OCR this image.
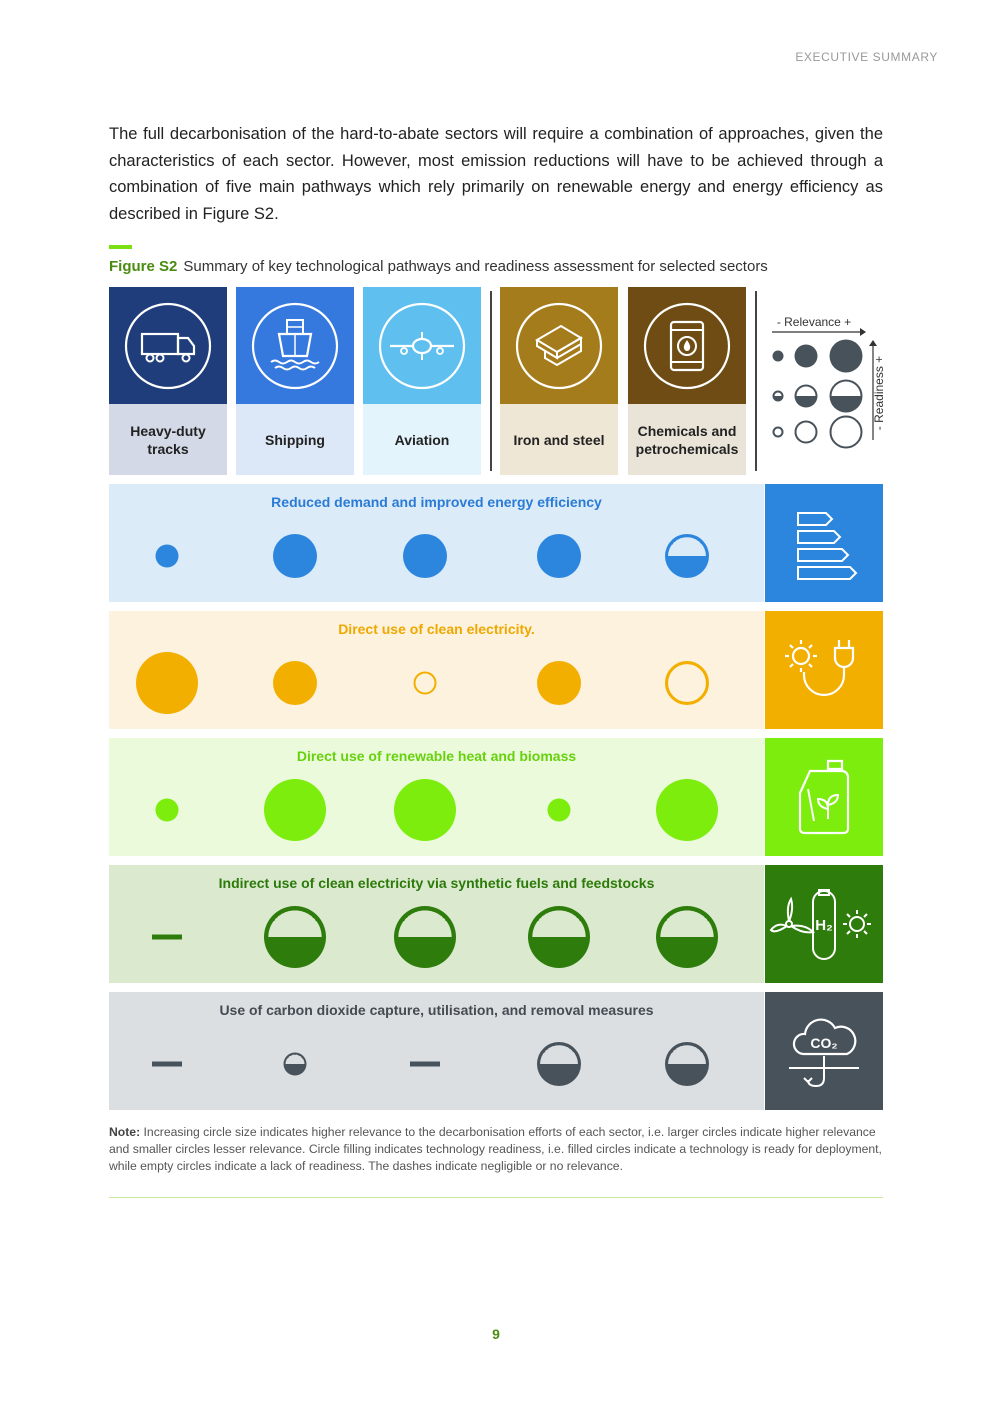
EXECUTIVE SUMMARY

The full decarbonisation of the hard-to-abate sectors will require a combination of approaches, given the characteristics of each sector. However, most emission reductions will have to be achieved through a combination of five main pathways which rely primarily on renewable energy and energy efficiency as described in Figure S2.

Figure S2 Summary of key technological pathways and readiness assessment for selected sectors
Heavy-duty tracks
Shipping	Aviation	Iron and steel
Chemicals and petrochemicals
- Relevance +
- Readiness +
Reduced demand and improved energy efficiency
Direct use of clean electricity.
Direct use of renewable heat and biomass
Indirect use of clean electricity via synthetic fuels and feedstocks
H₂
Use of carbon dioxide capture, utilisation, and removal measures
CO₂
Note: Increasing circle size indicates higher relevance to the decarbonisation efforts of each sector, i.e. larger circles indicate higher relevance and smaller circles lesser relevance. Circle filling indicates technology readiness, i.e. filled circles indicate a technology is ready for deployment, while empty circles indicate a lack of readiness. The dashes indicate negligible or no relevance.
9
